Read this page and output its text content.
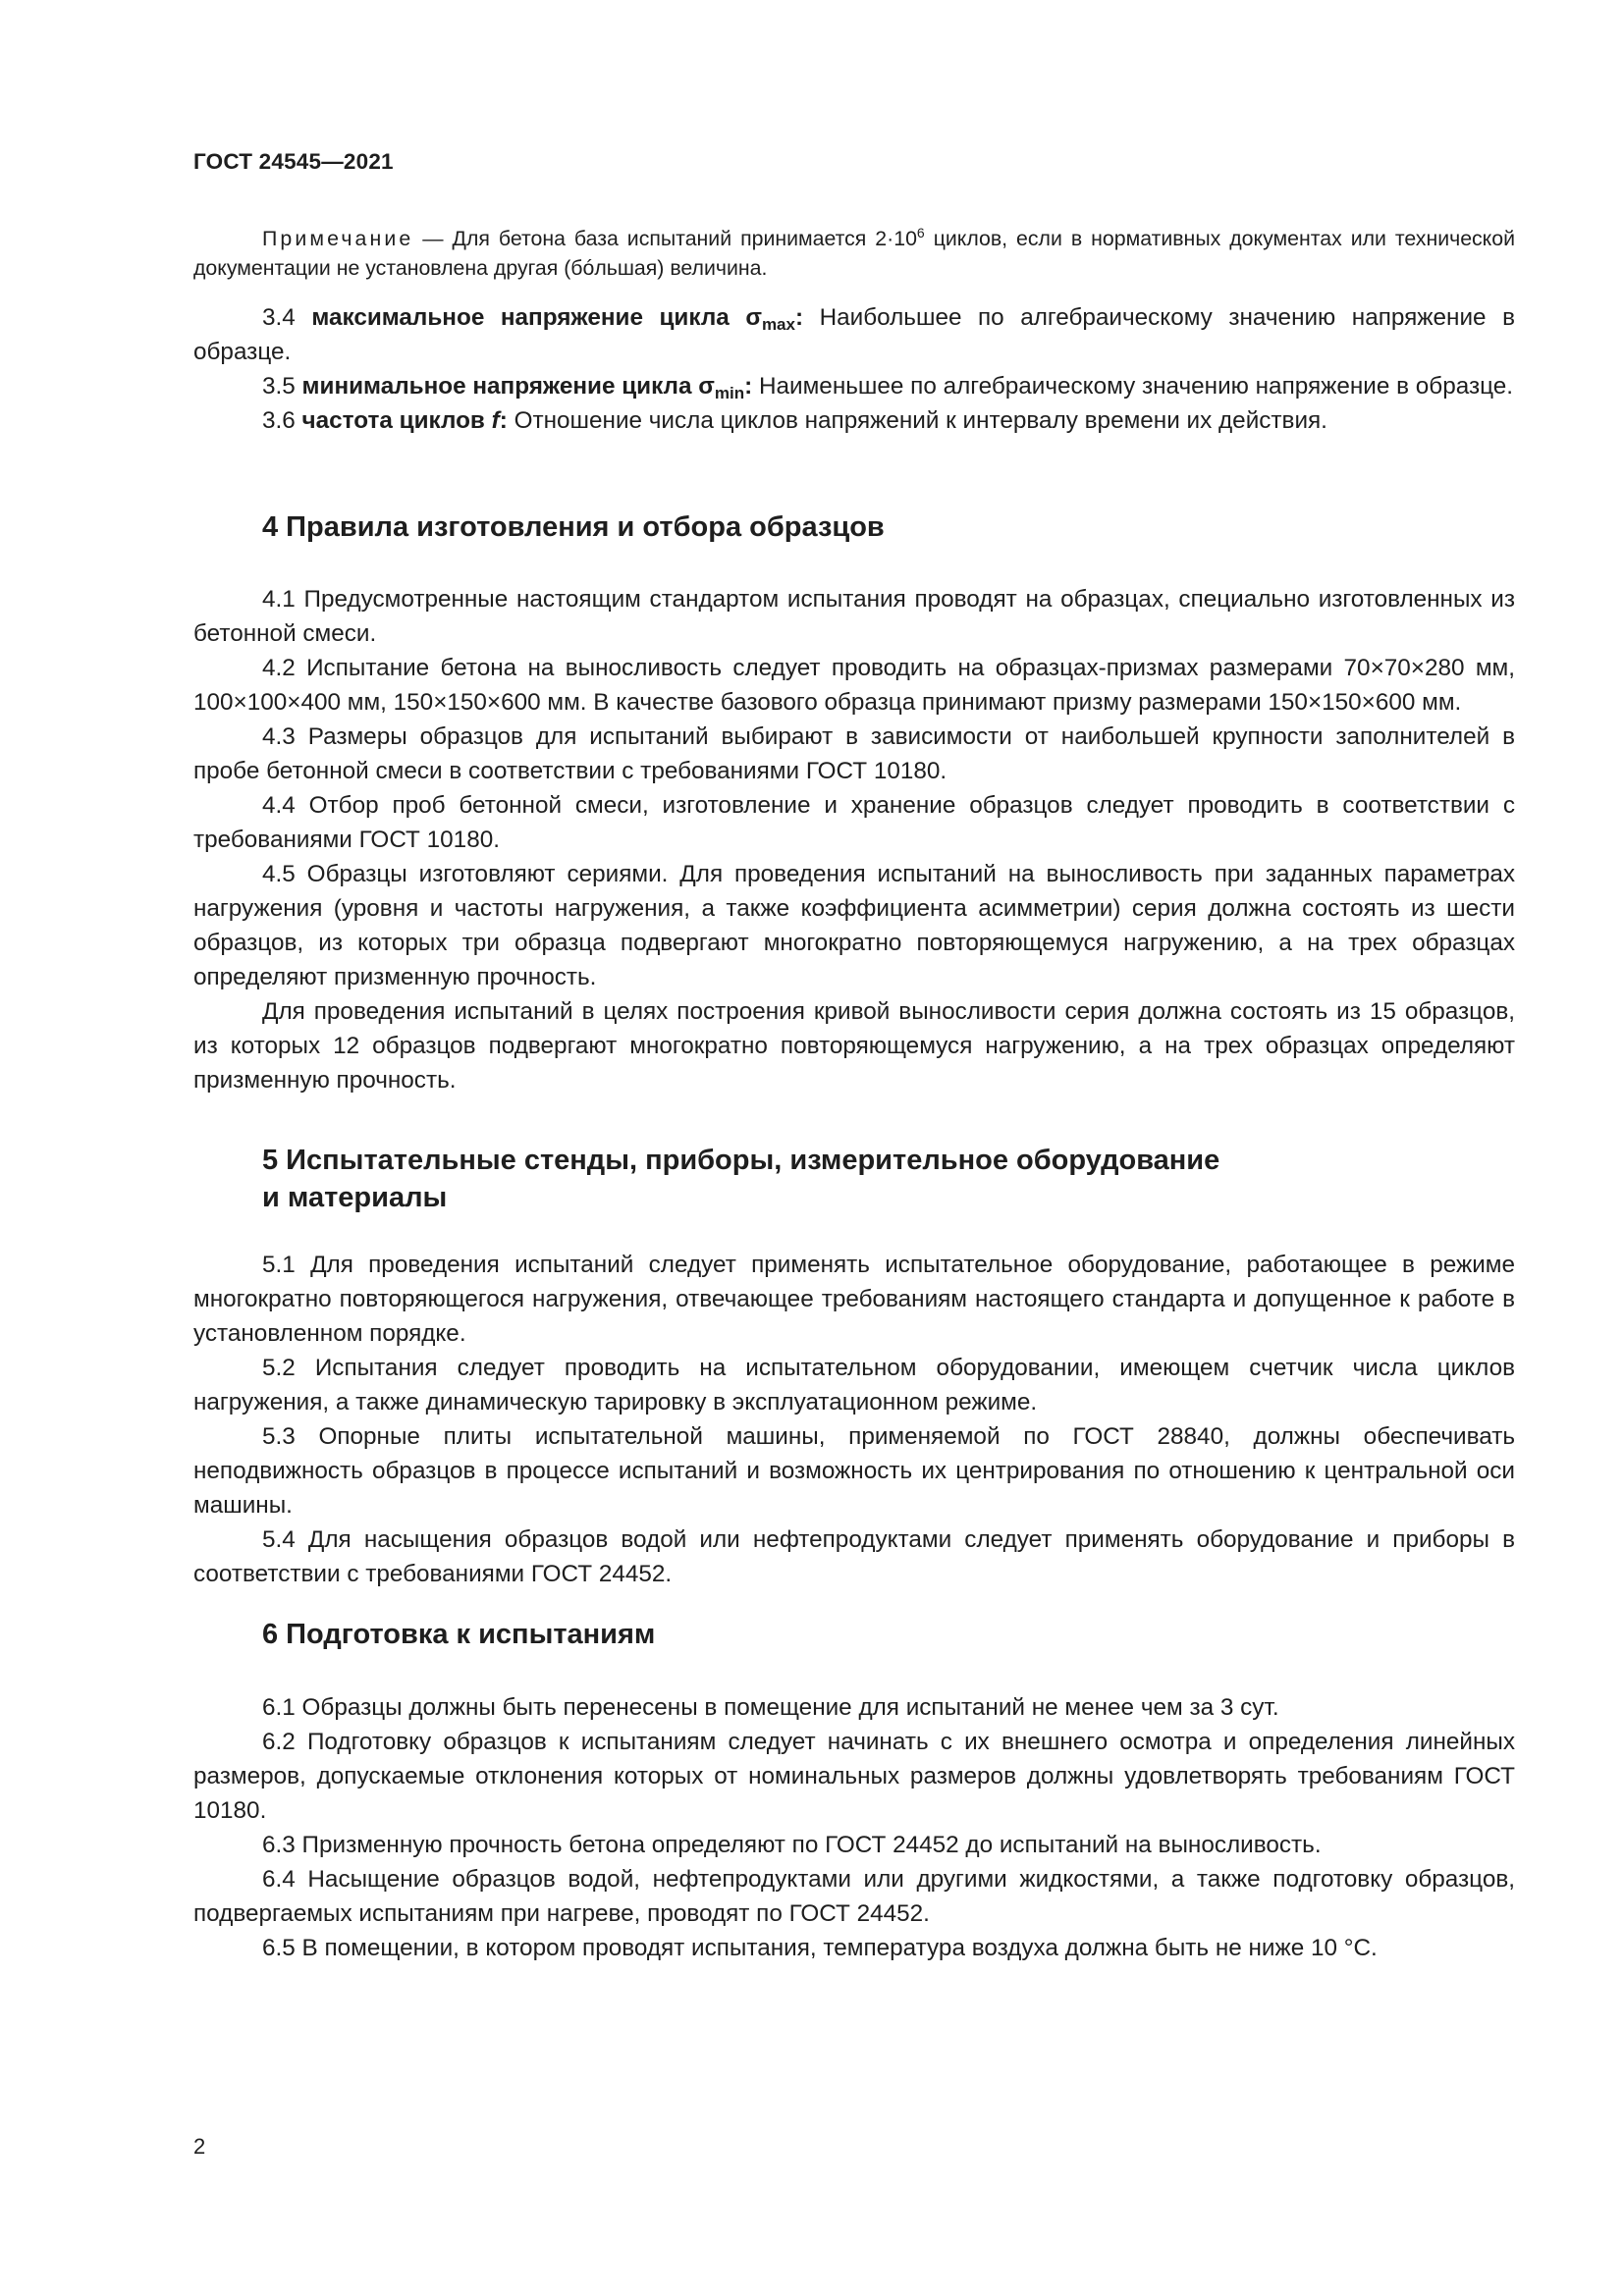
ГОСТ 24545—2021

Примечание — Для бетона база испытаний принимается $2\cdot 10^6$ циклов, если в нормативных документах или технической документации не установлена другая (бóльшая) величина.

3.4 максимальное напряжение цикла $\sigma_{max}$: Наибольшее по алгебраическому значению напряжение в образце.

3.5 минимальное напряжение цикла $\sigma_{min}$: Наименьшее по алгебраическому значению напряжение в образце.

3.6 частота циклов f: Отношение числа циклов напряжений к интервалу времени их действия.

4 Правила изготовления и отбора образцов

4.1 Предусмотренные настоящим стандартом испытания проводят на образцах, специально изготовленных из бетонной смеси.

4.2 Испытание бетона на выносливость следует проводить на образцах-призмах размерами 70×70×280 мм, 100×100×400 мм, 150×150×600 мм. В качестве базового образца принимают призму размерами 150×150×600 мм.

4.3 Размеры образцов для испытаний выбирают в зависимости от наибольшей крупности заполнителей в пробе бетонной смеси в соответствии с требованиями ГОСТ 10180.

4.4 Отбор проб бетонной смеси, изготовление и хранение образцов следует проводить в соответствии с требованиями ГОСТ 10180.

4.5 Образцы изготовляют сериями. Для проведения испытаний на выносливость при заданных параметрах нагружения (уровня и частоты нагружения, а также коэффициента асимметрии) серия должна состоять из шести образцов, из которых три образца подвергают многократно повторяющемуся нагружению, а на трех образцах определяют призменную прочность.

Для проведения испытаний в целях построения кривой выносливости серия должна состоять из 15 образцов, из которых 12 образцов подвергают многократно повторяющемуся нагружению, а на трех образцах определяют призменную прочность.

5 Испытательные стенды, приборы, измерительное оборудование
и материалы

5.1 Для проведения испытаний следует применять испытательное оборудование, работающее в режиме многократно повторяющегося нагружения, отвечающее требованиям настоящего стандарта и допущенное к работе в установленном порядке.

5.2 Испытания следует проводить на испытательном оборудовании, имеющем счетчик числа циклов нагружения, а также динамическую тарировку в эксплуатационном режиме.

5.3 Опорные плиты испытательной машины, применяемой по ГОСТ 28840, должны обеспечивать неподвижность образцов в процессе испытаний и возможность их центрирования по отношению к центральной оси машины.

5.4 Для насыщения образцов водой или нефтепродуктами следует применять оборудование и приборы в соответствии с требованиями ГОСТ 24452.

6 Подготовка к испытаниям

6.1 Образцы должны быть перенесены в помещение для испытаний не менее чем за 3 сут.

6.2 Подготовку образцов к испытаниям следует начинать с их внешнего осмотра и определения линейных размеров, допускаемые отклонения которых от номинальных размеров должны удовлетворять требованиям ГОСТ 10180.

6.3 Призменную прочность бетона определяют по ГОСТ 24452 до испытаний на выносливость.

6.4 Насыщение образцов водой, нефтепродуктами или другими жидкостями, а также подготовку образцов, подвергаемых испытаниям при нагреве, проводят по ГОСТ 24452.

6.5 В помещении, в котором проводят испытания, температура воздуха должна быть не ниже 10 °С.

2
